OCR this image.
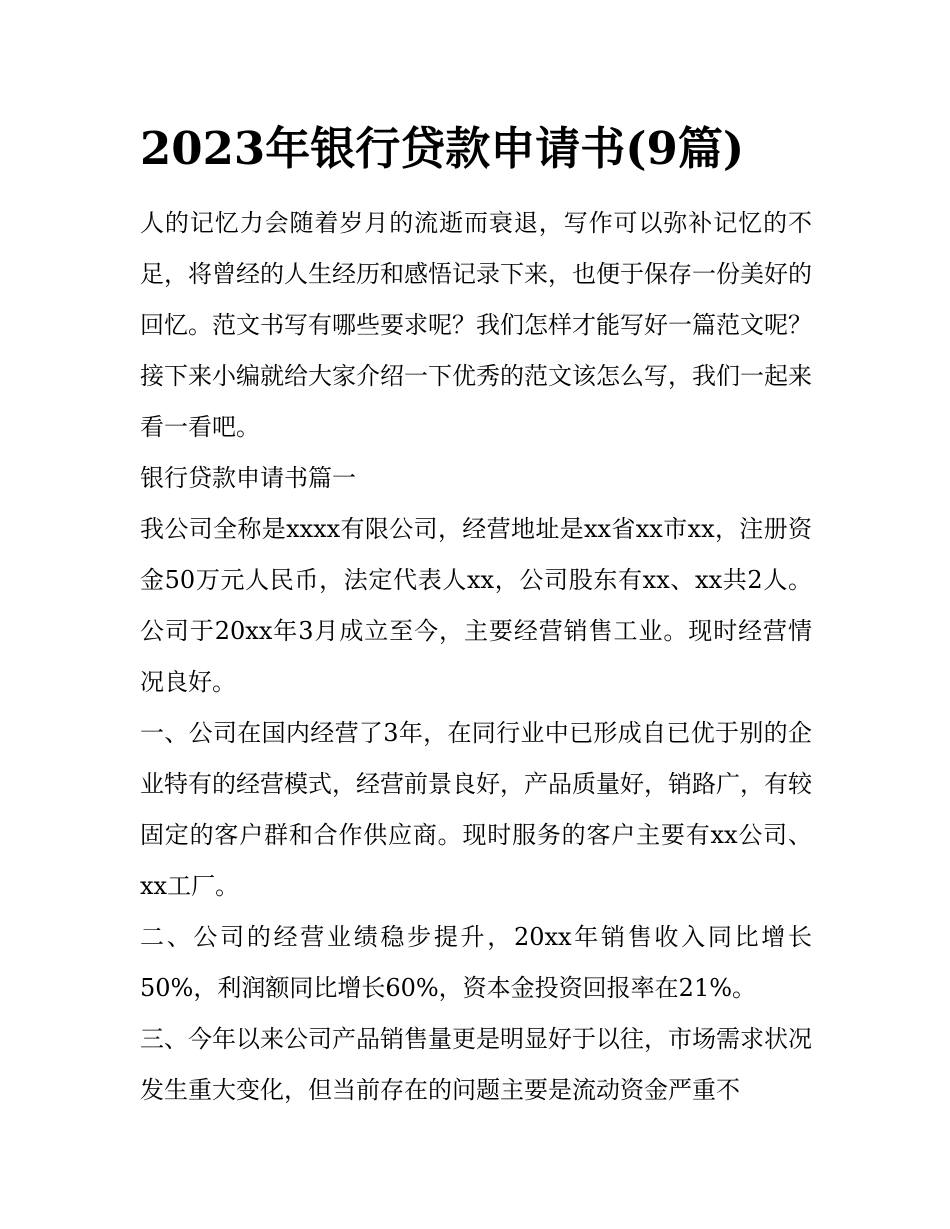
2023年银行贷款申请书(9篇)

人的记忆力会随着岁月的流逝而衰退，写作可以弥补记忆的不足，将曾经的人生经历和感悟记录下来，也便于保存一份美好的回忆。范文书写有哪些要求呢？我们怎样才能写好一篇范文呢？接下来小编就给大家介绍一下优秀的范文该怎么写，我们一起来看一看吧。

银行贷款申请书篇一

我公司全称是xxxx有限公司，经营地址是xx省xx市xx，注册资金50万元人民币，法定代表人xx，公司股东有xx、xx共2人。公司于20xx年3月成立至今，主要经营销售工业。现时经营情况良好。

一、公司在国内经营了3年，在同行业中已形成自已优于别的企业特有的经营模式，经营前景良好，产品质量好，销路广，有较固定的客户群和合作供应商。现时服务的客户主要有xx公司、xx工厂。

二、公司的经营业绩稳步提升，20xx年销售收入同比增长50%，利润额同比增长60%，资本金投资回报率在21%。

三、今年以来公司产品销售量更是明显好于以往，市场需求状况发生重大变化，但当前存在的问题主要是流动资金严重不
